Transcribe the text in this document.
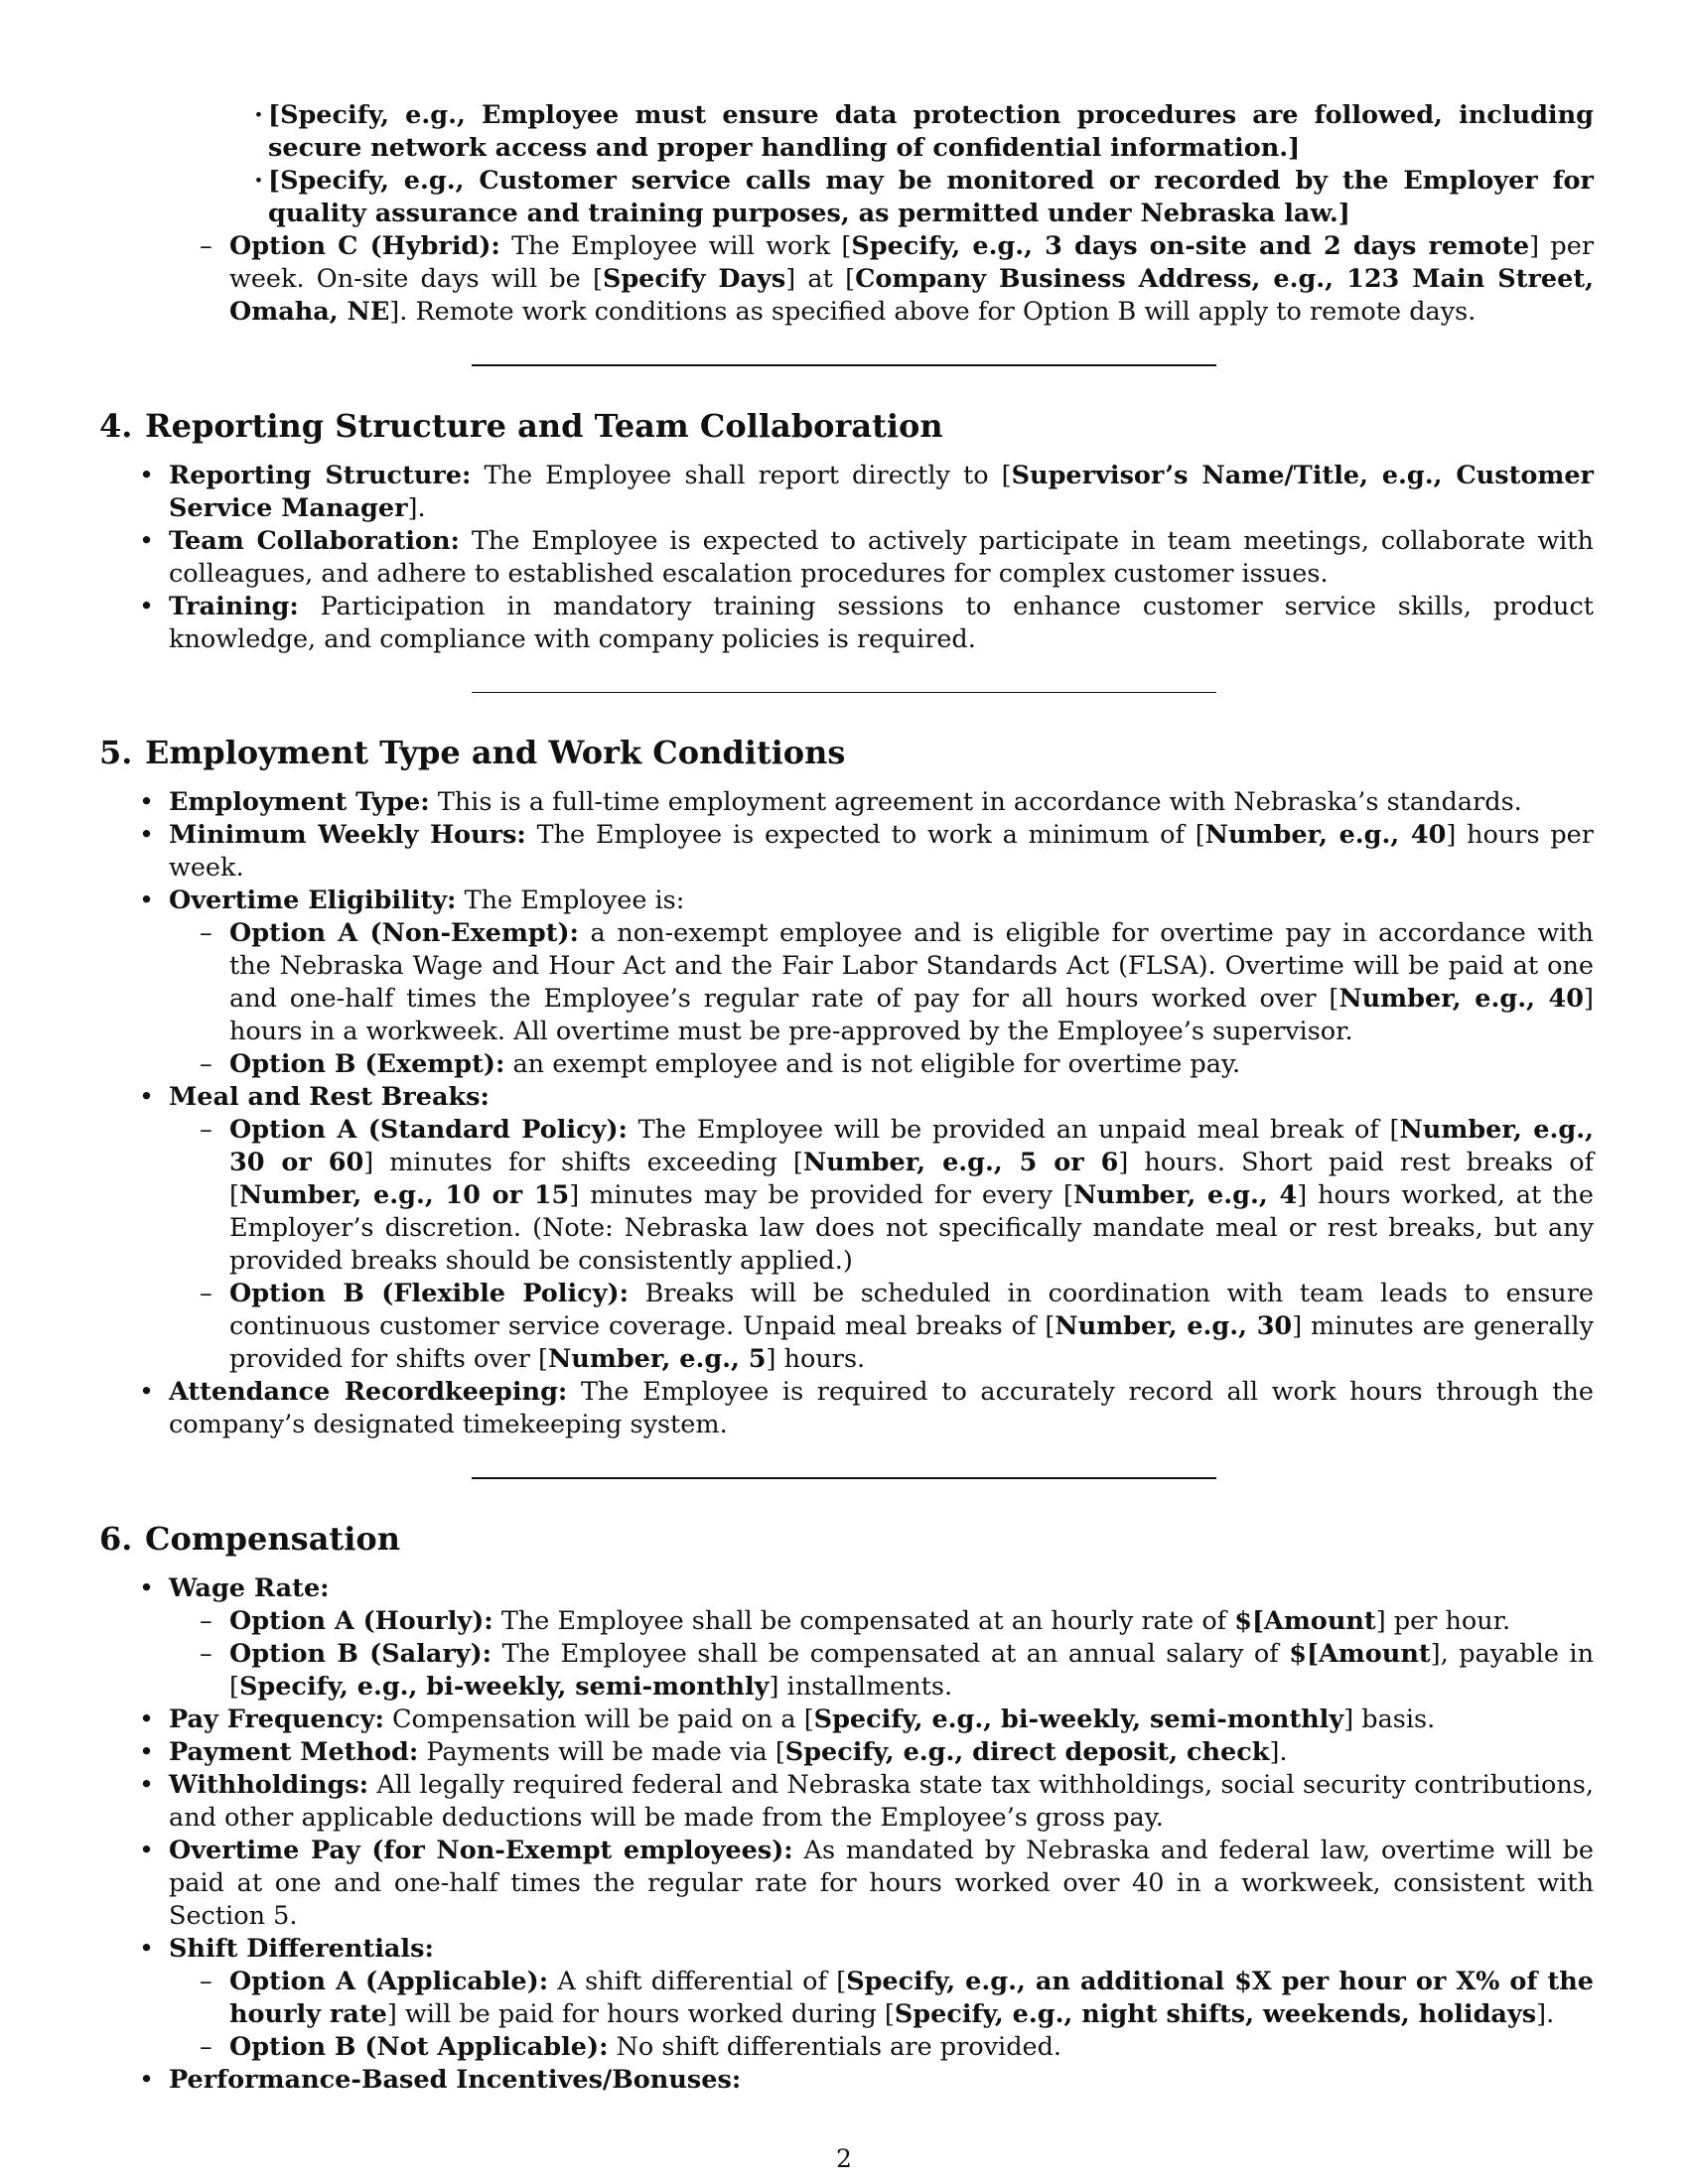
· [Specify, e.g., Employee must ensure data protection procedures are followed, including secure network access and proper handling of confidential information.]
· [Specify, e.g., Customer service calls may be monitored or recorded by the Employer for quality assurance and training purposes, as permitted under Nebraska law.]
– Option C (Hybrid): The Employee will work [Specify, e.g., 3 days on-site and 2 days remote] per week. On-site days will be [Specify Days] at [Company Business Address, e.g., 123 Main Street, Omaha, NE]. Remote work conditions as specified above for Option B will apply to remote days.
4. Reporting Structure and Team Collaboration
• Reporting Structure: The Employee shall report directly to [Supervisor’s Name/Title, e.g., Customer Service Manager].
• Team Collaboration: The Employee is expected to actively participate in team meetings, collaborate with colleagues, and adhere to established escalation procedures for complex customer issues.
• Training: Participation in mandatory training sessions to enhance customer service skills, product knowledge, and compliance with company policies is required.
5. Employment Type and Work Conditions
• Employment Type: This is a full-time employment agreement in accordance with Nebraska’s standards.
• Minimum Weekly Hours: The Employee is expected to work a minimum of [Number, e.g., 40] hours per week.
• Overtime Eligibility: The Employee is:
– Option A (Non-Exempt): a non-exempt employee and is eligible for overtime pay in accordance with the Nebraska Wage and Hour Act and the Fair Labor Standards Act (FLSA). Overtime will be paid at one and one-half times the Employee’s regular rate of pay for all hours worked over [Number, e.g., 40] hours in a workweek. All overtime must be pre-approved by the Employee’s supervisor.
– Option B (Exempt): an exempt employee and is not eligible for overtime pay.
• Meal and Rest Breaks:
– Option A (Standard Policy): The Employee will be provided an unpaid meal break of [Number, e.g., 30 or 60] minutes for shifts exceeding [Number, e.g., 5 or 6] hours. Short paid rest breaks of [Number, e.g., 10 or 15] minutes may be provided for every [Number, e.g., 4] hours worked, at the Employer’s discretion. (Note: Nebraska law does not specifically mandate meal or rest breaks, but any provided breaks should be consistently applied.)
– Option B (Flexible Policy): Breaks will be scheduled in coordination with team leads to ensure continuous customer service coverage. Unpaid meal breaks of [Number, e.g., 30] minutes are generally provided for shifts over [Number, e.g., 5] hours.
• Attendance Recordkeeping: The Employee is required to accurately record all work hours through the company’s designated timekeeping system.
6. Compensation
• Wage Rate:
– Option A (Hourly): The Employee shall be compensated at an hourly rate of $[Amount] per hour.
– Option B (Salary): The Employee shall be compensated at an annual salary of $[Amount], payable in [Specify, e.g., bi-weekly, semi-monthly] installments.
• Pay Frequency: Compensation will be paid on a [Specify, e.g., bi-weekly, semi-monthly] basis.
• Payment Method: Payments will be made via [Specify, e.g., direct deposit, check].
• Withholdings: All legally required federal and Nebraska state tax withholdings, social security contributions, and other applicable deductions will be made from the Employee’s gross pay.
• Overtime Pay (for Non-Exempt employees): As mandated by Nebraska and federal law, overtime will be paid at one and one-half times the regular rate for hours worked over 40 in a workweek, consistent with Section 5.
• Shift Differentials:
– Option A (Applicable): A shift differential of [Specify, e.g., an additional $X per hour or X% of the hourly rate] will be paid for hours worked during [Specify, e.g., night shifts, weekends, holidays].
– Option B (Not Applicable): No shift differentials are provided.
• Performance-Based Incentives/Bonuses:
2
